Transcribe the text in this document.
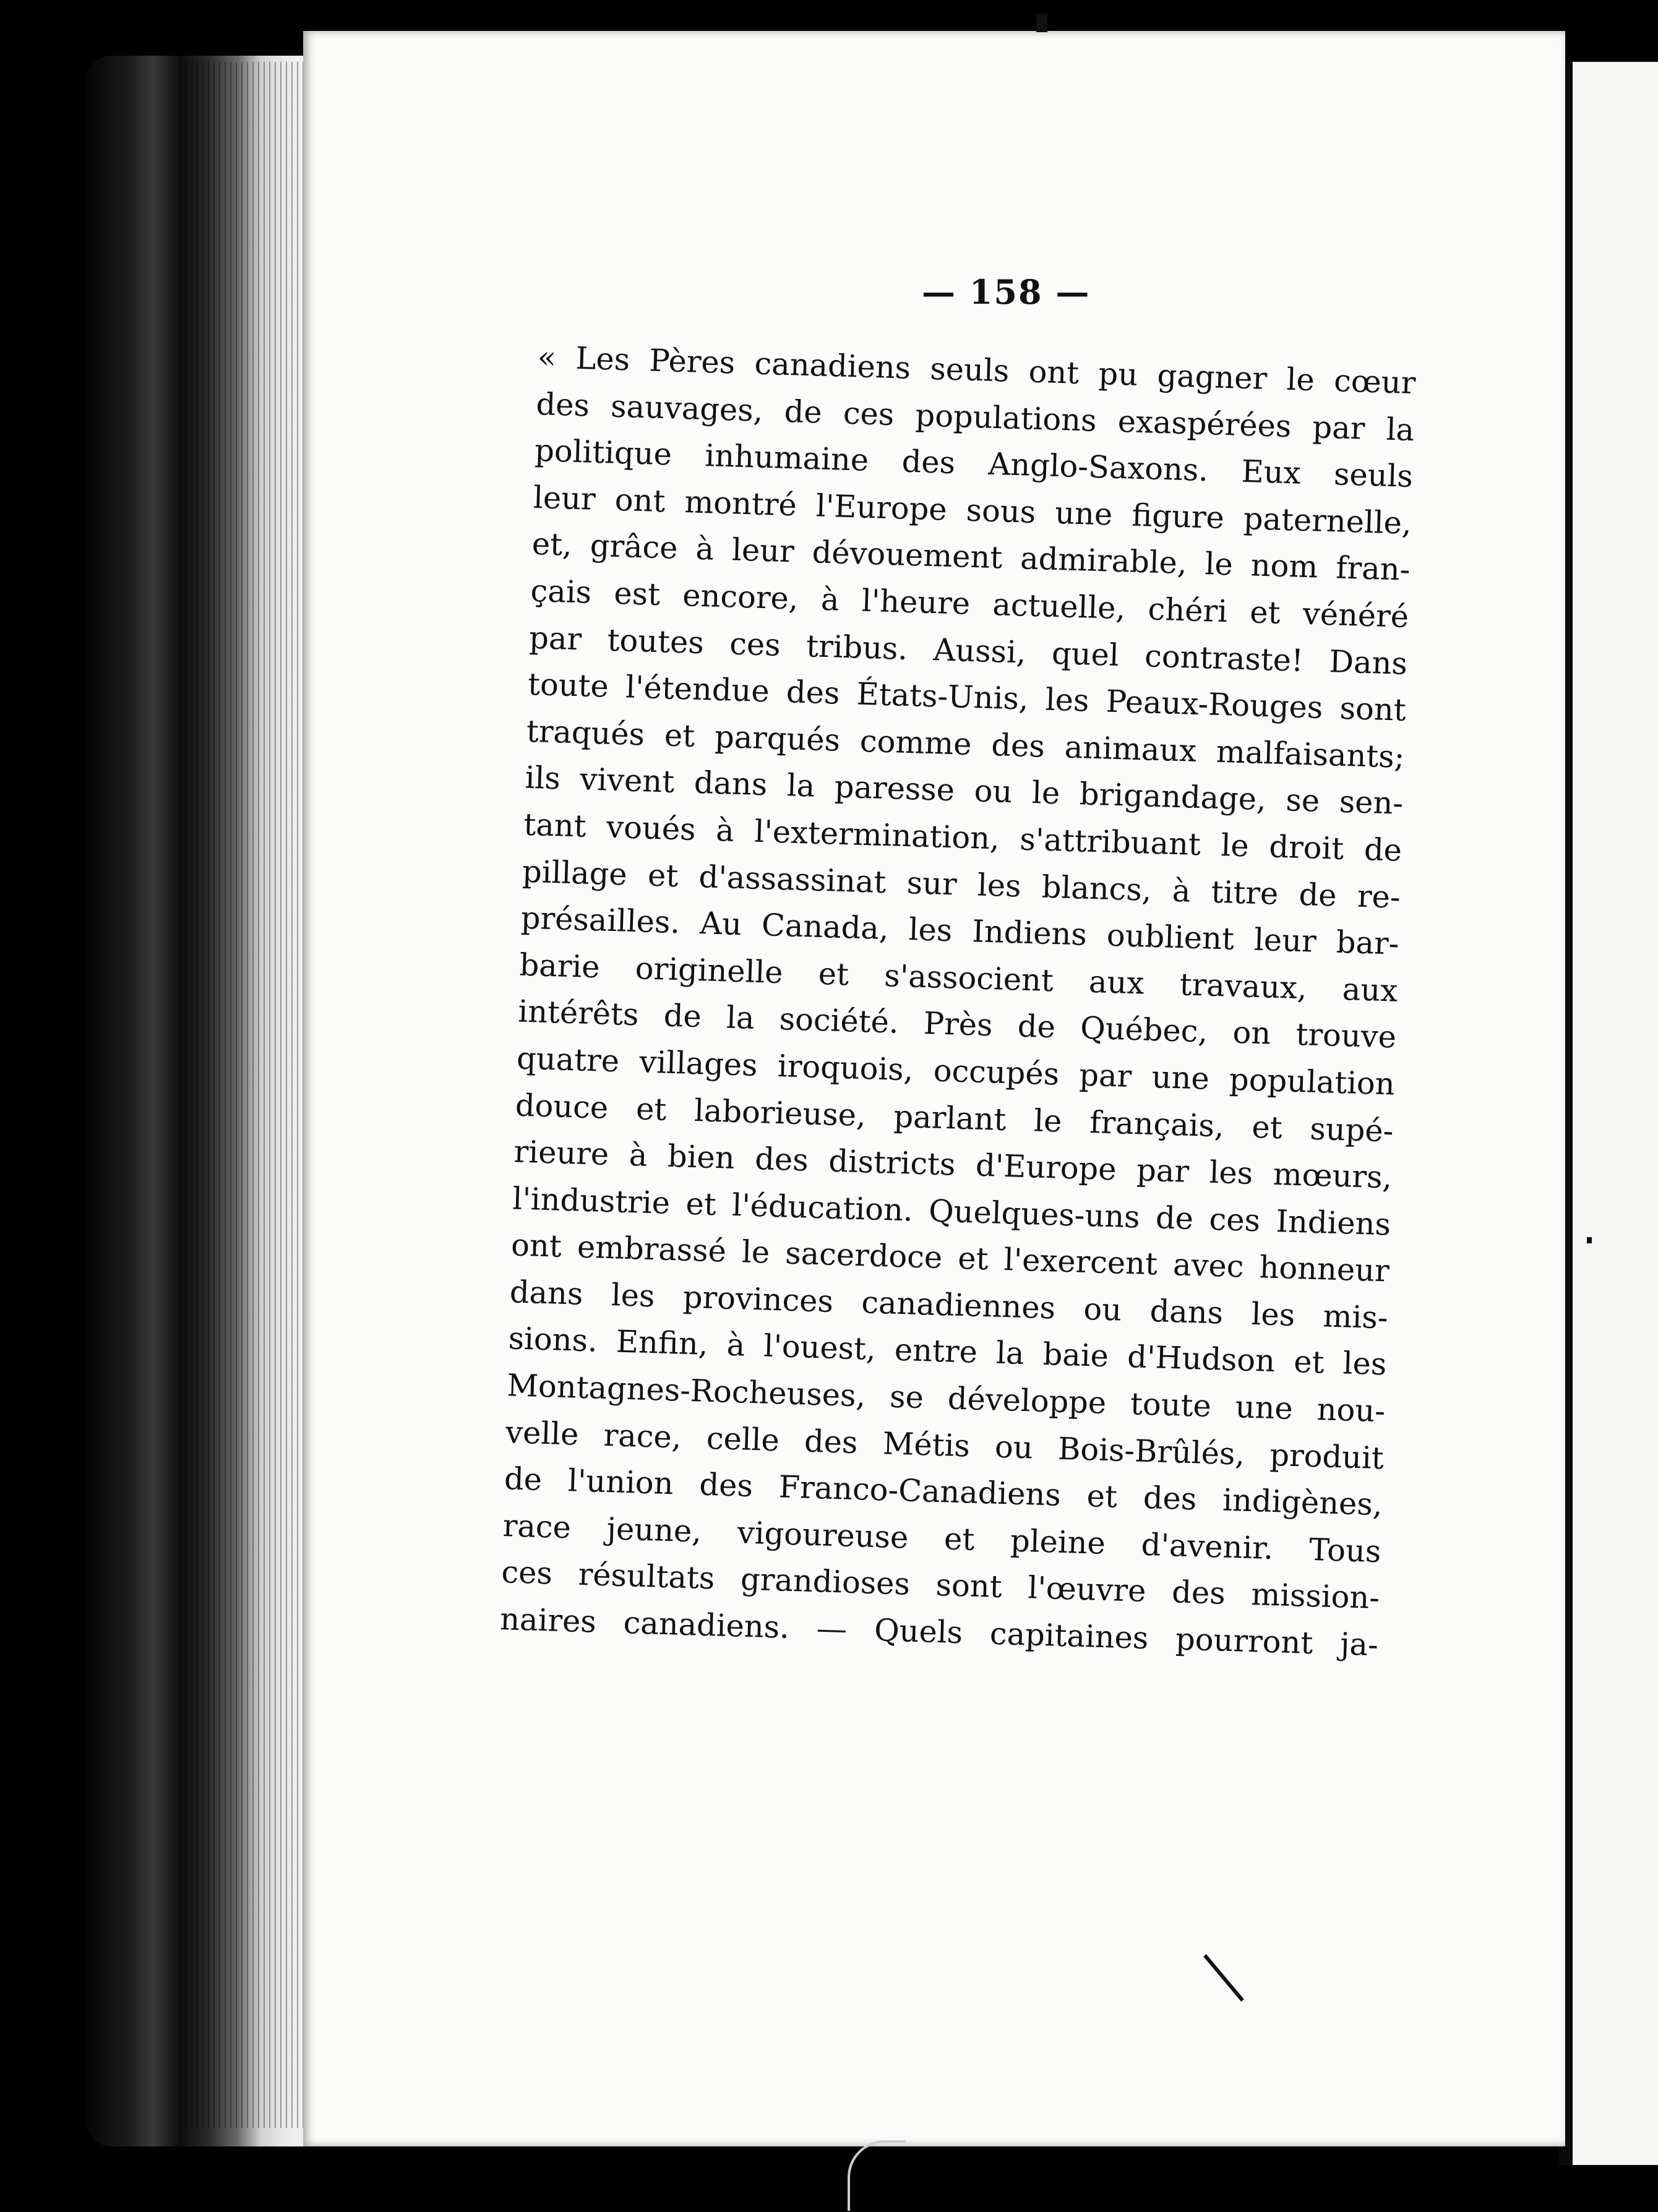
— 158 —

« Les Pères canadiens seuls ont pu gagner le cœur

des sauvages, de ces populations exaspérées par la

politique inhumaine des Anglo-Saxons. Eux seuls

leur ont montré l'Europe sous une figure paternelle,

et, grâce à leur dévouement admirable, le nom fran-

çais est encore, à l'heure actuelle, chéri et vénéré

par toutes ces tribus. Aussi, quel contraste! Dans

toute l'étendue des États-Unis, les Peaux-Rouges sont

traqués et parqués comme des animaux malfaisants;

ils vivent dans la paresse ou le brigandage, se sen-

tant voués à l'extermination, s'attribuant le droit de

pillage et d'assassinat sur les blancs, à titre de re-

présailles. Au Canada, les Indiens oublient leur bar-

barie originelle et s'associent aux travaux, aux

intérêts de la société. Près de Québec, on trouve

quatre villages iroquois, occupés par une population

douce et laborieuse, parlant le français, et supé-

rieure à bien des districts d'Europe par les mœurs,

l'industrie et l'éducation. Quelques-uns de ces Indiens

ont embrassé le sacerdoce et l'exercent avec honneur

dans les provinces canadiennes ou dans les mis-

sions. Enfin, à l'ouest, entre la baie d'Hudson et les

Montagnes-Rocheuses, se développe toute une nou-

velle race, celle des Métis ou Bois-Brûlés, produit

de l'union des Franco-Canadiens et des indigènes,

race jeune, vigoureuse et pleine d'avenir. Tous

ces résultats grandioses sont l'œuvre des mission-

naires canadiens. — Quels capitaines pourront ja-
